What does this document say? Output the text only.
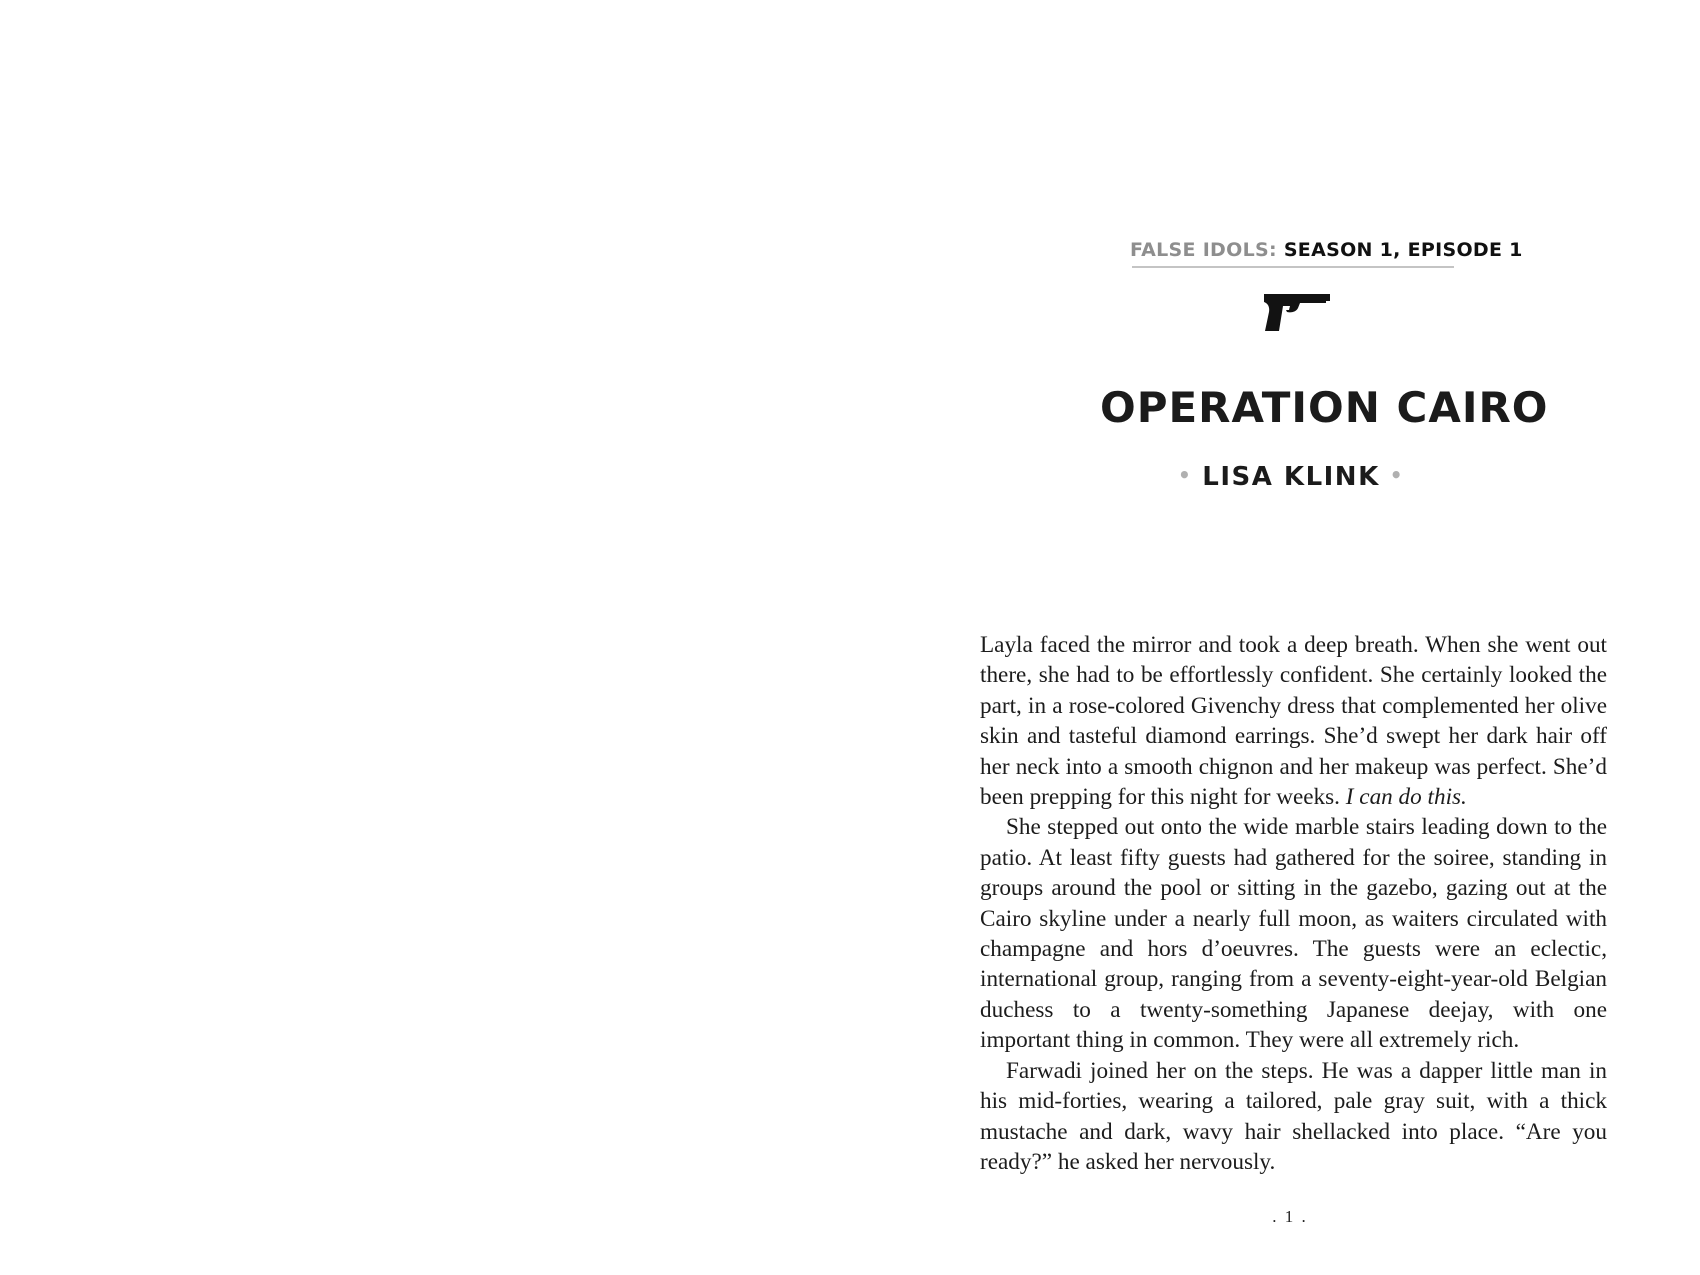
FALSE IDOLS: SEASON 1, EPISODE 1
OPERATION CAIRO
• LISA KLINK •

Layla faced the mirror and took a deep breath. When she went out there, she had to be effortlessly confident. She certainly looked the part, in a rose-colored Givenchy dress that complemented her olive skin and tasteful diamond earrings. She’d swept her dark hair off her neck into a smooth chignon and her makeup was perfect. She’d been prepping for this night for weeks. I can do this.

She stepped out onto the wide marble stairs leading down to the patio. At least fifty guests had gathered for the soiree, standing in groups around the pool or sitting in the gazebo, gazing out at the Cairo skyline under a nearly full moon, as waiters circulated with champagne and hors d’oeuvres. The guests were an eclectic, international group, ranging from a seventy-eight-year-old Belgian duchess to a twenty-something Japanese deejay, with one important thing in common. They were all extremely rich.

Farwadi joined her on the steps. He was a dapper little man in his mid-forties, wearing a tailored, pale gray suit, with a thick mustache and dark, wavy hair shellacked into place. “Are you ready?” he asked her nervously.

. 1 .
